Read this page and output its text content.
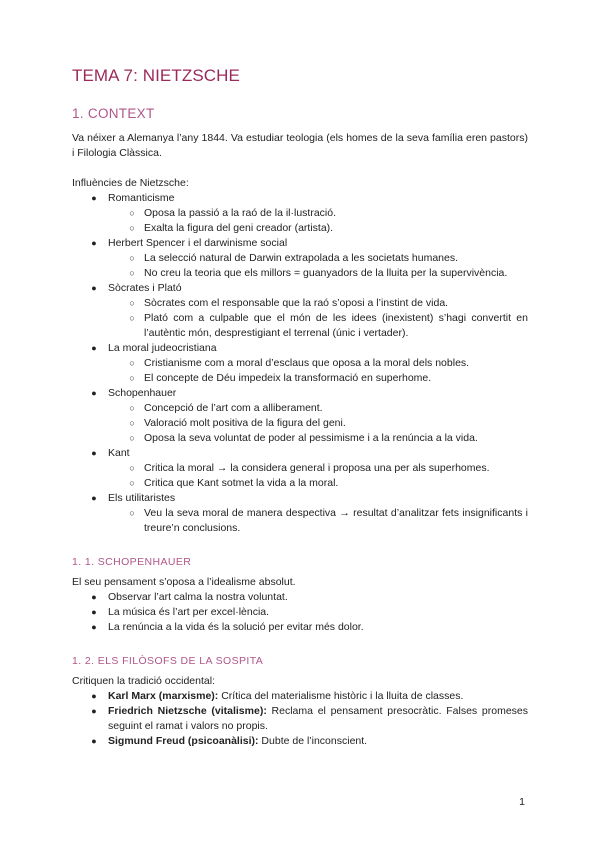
TEMA 7: NIETZSCHE
1. CONTEXT

Va néixer a Alemanya l’any 1844. Va estudiar teologia (els homes de la seva família eren pastors) i Filologia Clàssica.

Influències de Nietzsche:

●	Romanticisme
○ Oposa la passió a la raó de la il·lustració.
○ Exalta la figura del geni creador (artista).
●	Herbert Spencer i el darwinisme social
○ La selecció natural de Darwin extrapolada a les societats humanes.
○ No creu la teoria que els millors = guanyadors de la lluita per la supervivència.
●	Sòcrates i Plató
○ Sòcrates com el responsable que la raó s’oposi a l’instint de vida.
○ Plató com a culpable que el món de les idees (inexistent) s’hagi convertit en l’autèntic món, desprestigiant el terrenal (únic i vertader).
●	La moral judeocristiana
○ Cristianisme com a moral d’esclaus que oposa a la moral dels nobles.
○ El concepte de Déu impedeix la transformació en superhome.
●	Schopenhauer
○ Concepció de l’art com a alliberament.
○ Valoració molt positiva de la figura del geni.
○ Oposa la seva voluntat de poder al pessimisme i a la renúncia a la vida.
●	Kant
○ Critica la moral → la considera general i proposa una per als superhomes.
○ Critica que Kant sotmet la vida a la moral.
●	Els utilitaristes
○ Veu la seva moral de manera despectiva → resultat d’analitzar fets insignificants i treure’n conclusions.
1. 1. SCHOPENHAUER

El seu pensament s’oposa a l’idealisme absolut.

●	Observar l’art calma la nostra voluntat.
●	La música és l’art per excel·lència.
●	La renúncia a la vida és la solució per evitar més dolor.
1. 2. ELS FILÒSOFS DE LA SOSPITA

Critiquen la tradició occidental:

●	Karl Marx (marxisme): Crítica del materialisme històric i la lluita de classes.
●	Friedrich Nietzsche (vitalisme): Reclama el pensament presocràtic. Falses promeses seguint el ramat i valors no propis.
●	Sigmund Freud (psicoanàlisi): Dubte de l’inconscient.
1
